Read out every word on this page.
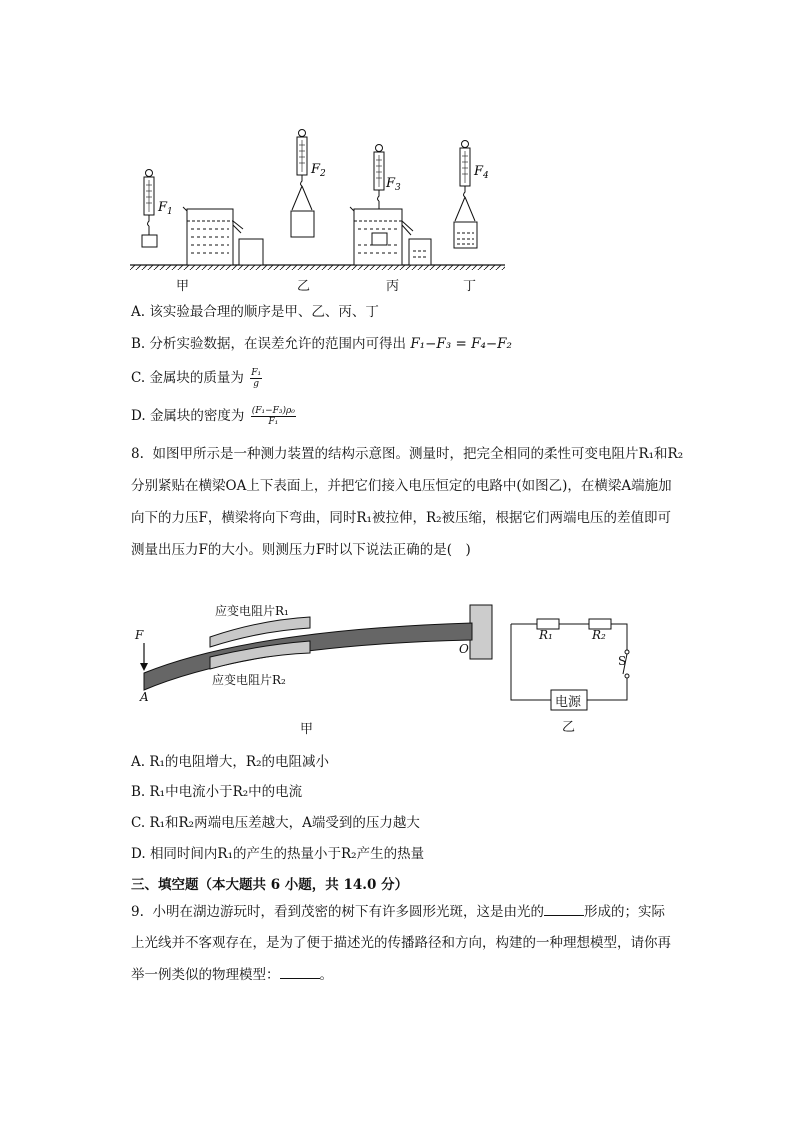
$F_1$
$F_2$
$F_3$
$F_4$
甲	乙	丙	丁
A. 该实验最合理的顺序是甲、乙、丙、丁
B. 分析实验数据，在误差允许的范围内可得出 F₁−F₃ = F₄−F₂
C. 金属块的质量为 $\frac{\text{F₁}}{g}$
D. 金属块的密度为 $\frac{\text{(F₁−F₃)ρ₀}}{\text{F₁}}$
8. 如图甲所示是一种测力装置的结构示意图。测量时，把完全相同的柔性可变电阻片R₁和R₂
分别紧贴在横梁OA上下表面上，并把它们接入电压恒定的电路中(如图乙)，在横梁A端施加
向下的力压F，横梁将向下弯曲，同时R₁被拉伸，R₂被压缩，根据它们两端电压的差值即可
测量出压力F的大小。则测压力F时以下说法正确的是(　)
F
A
O
应变电阻片R₁
应变电阻片R₂
甲
R₁	R₂
S
电源
乙
A. R₁的电阻增大，R₂的电阻减小
B. R₁中电流小于R₂中的电流
C. R₁和R₂两端电压差越大，A端受到的压力越大
D. 相同时间内R₁的产生的热量小于R₂产生的热量
三、填空题（本大题共 6 小题，共 14.0 分）
9. 小明在湖边游玩时，看到茂密的树下有许多圆形光斑，这是由光的	形成的；实际
上光线并不客观存在，是为了便于描述光的传播路径和方向，构建的一种理想模型，请你再
举一例类似的物理模型：	。
